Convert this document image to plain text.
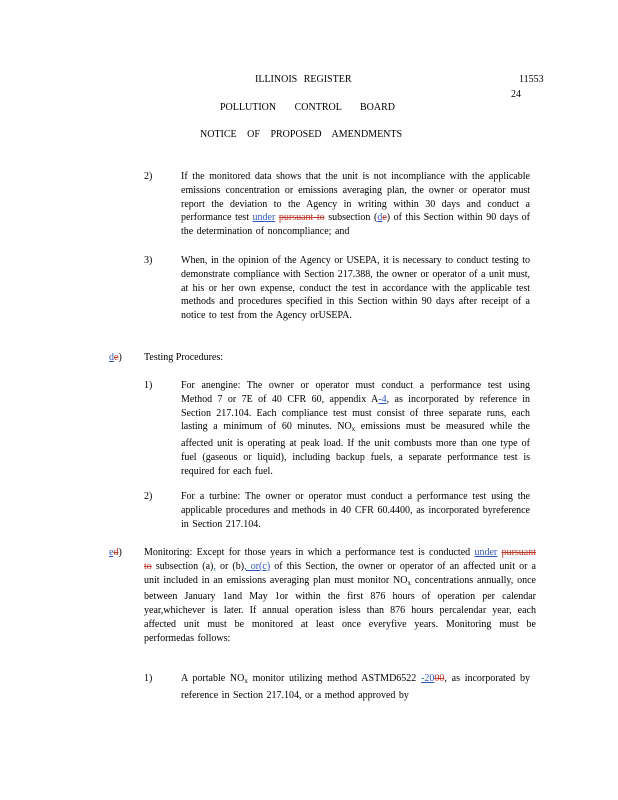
ILLINOIS REGISTER	11553
24
POLLUTION CONTROL BOARD
NOTICE OF PROPOSED AMENDMENTS
2)	If the monitored data shows that the unit is not incompliance with the applicable emissions concentration or emissions averaging plan, the owner or operator must report the deviation to the Agency in writing within 30 days and conduct a performance test under pursuant to subsection (de) of this Section within 90 days of the determination of noncompliance; and
3)	When, in the opinion of the Agency or USEPA, it is necessary to conduct testing to demonstrate compliance with Section 217.388, the owner or operator of a unit must, at his or her own expense, conduct the test in accordance with the applicable test methods and procedures specified in this Section within 90 days after receipt of a notice to test from the Agency orUSEPA.
de) Testing Procedures:
1)	For anengine: The owner or operator must conduct a performance test using Method 7 or 7E of 40 CFR 60, appendix A-4, as incorporated by reference in Section 217.104. Each compliance test must consist of three separate runs, each lasting a minimum of 60 minutes. $NO_x$ emissions must be measured while the affected unit is operating at peak load. If the unit combusts more than one type of fuel (gaseous or liquid), including backup fuels, a separate performance test is required for each fuel.
2)	For a turbine: The owner or operator must conduct a performance test using the applicable procedures and methods in 40 CFR 60.4400, as incorporated byreference in Section 217.104.
ed) Monitoring: Except for those years in which a performance test is conducted under pursuant to subsection (a), or (b), or(c) of this Section, the owner or operator of an affected unit or a unit included in an emissions averaging plan must monitor $NO_x$ concentrations annually, once between January 1and May 1or within the first 876 hours of operation per calendar year,whichever is later. If annual operation isless than 876 hours percalendar year, each affected unit must be monitored at least once everyfive years. Monitoring must be performedas follows:
1)	A portable $NO_x$ monitor utilizing method ASTMD6522 -2000, as incorporated by reference in Section 217.104, or a method approved by
